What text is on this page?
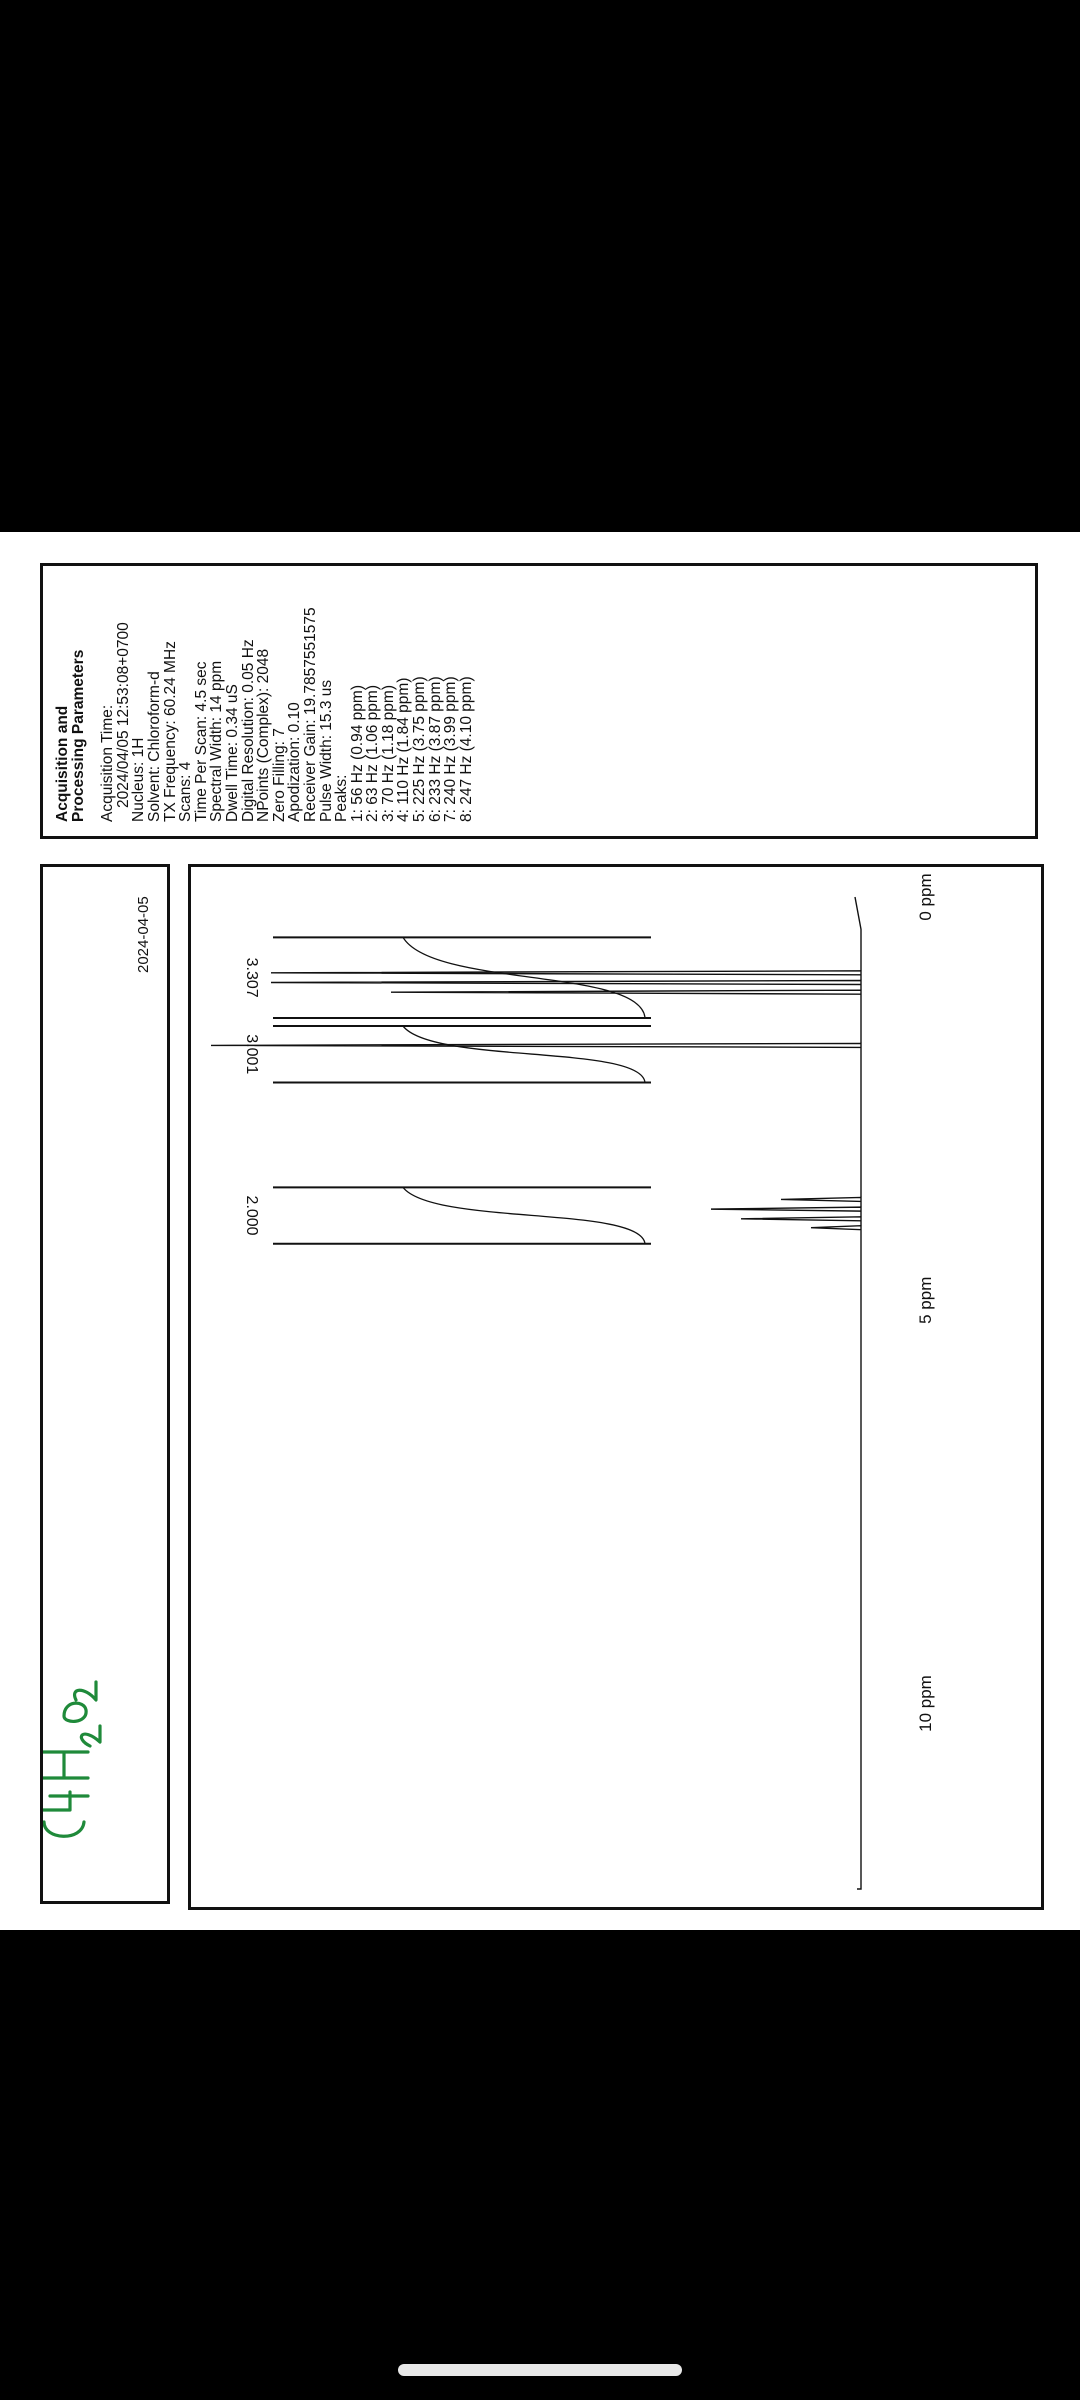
2024-04-05
2.000
3.001
3.307
10 ppm
5 ppm
0 ppm
Acquisition and
Processing Parameters Acquisition Time:
2024/04/05 12:53:08+0700
Nucleus: 1H
Solvent: Chloroform-d
TX Frequency: 60.24 MHz
Scans: 4
Time Per Scan: 4.5 sec
Spectral Width: 14 ppm
Dwell Time: 0.34 uS
Digital Resolution: 0.05 Hz
NPoints (Complex): 2048
Zero Filling: 7
Apodization: 0.10
Receiver Gain: 19.7857551575
Pulse Width: 15.3 us
Peaks:
1: 56 Hz (0.94 ppm)
2: 63 Hz (1.06 ppm)
3: 70 Hz (1.18 ppm)
4: 110 Hz (1.84 ppm)
5: 225 Hz (3.75 ppm)
6: 233 Hz (3.87 ppm)
7: 240 Hz (3.99 ppm)
8: 247 Hz (4.10 ppm)
